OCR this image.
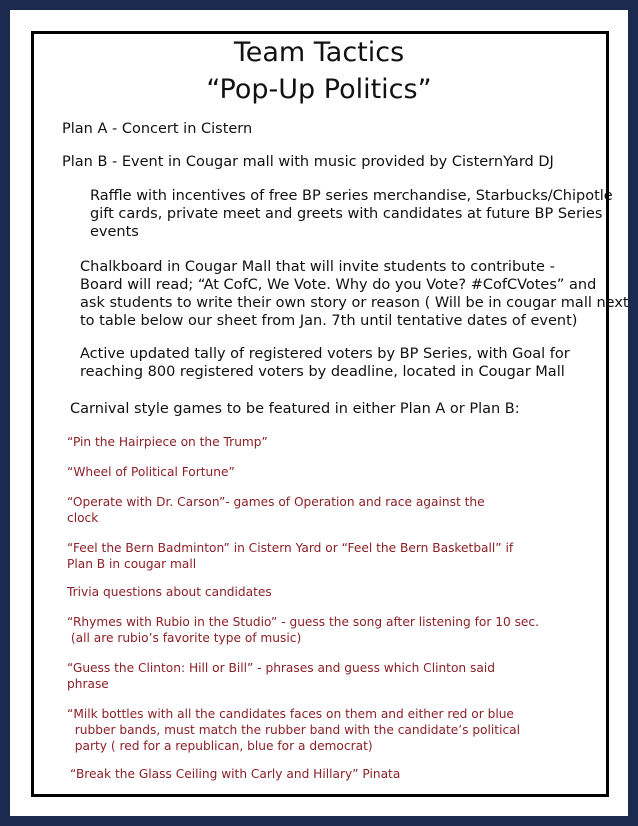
Team Tactics
“Pop-Up Politics”
Plan A - Concert in Cistern
Plan B - Event in Cougar mall with music provided by CisternYard DJ
Raffle with incentives of free BP series merchandise, Starbucks/Chipotle
gift cards, private meet and greets with candidates at future BP Series
events
Chalkboard in Cougar Mall that will invite students to contribute -
Board will read; “At CofC, We Vote. Why do you Vote? #CofCVotes” and
ask students to write their own story or reason ( Will be in cougar mall next
to table below our sheet from Jan. 7th until tentative dates of event)
Active updated tally of registered voters by BP Series, with Goal for
reaching 800 registered voters by deadline, located in Cougar Mall
Carnival style games to be featured in either Plan A or Plan B:
“Pin the Hairpiece on the Trump”
“Wheel of Political Fortune”
“Operate with Dr. Carson”- games of Operation and race against the
clock
“Feel the Bern Badminton” in Cistern Yard or “Feel the Bern Basketball” if
Plan B in cougar mall
Trivia questions about candidates
“Rhymes with Rubio in the Studio” - guess the song after listening for 10 sec.
(all are rubio’s favorite type of music)
“Guess the Clinton: Hill or Bill” - phrases and guess which Clinton said
phrase
“Milk bottles with all the candidates faces on them and either red or blue
rubber bands, must match the rubber band with the candidate’s political
party ( red for a republican, blue for a democrat)
“Break the Glass Ceiling with Carly and Hillary” Pinata
